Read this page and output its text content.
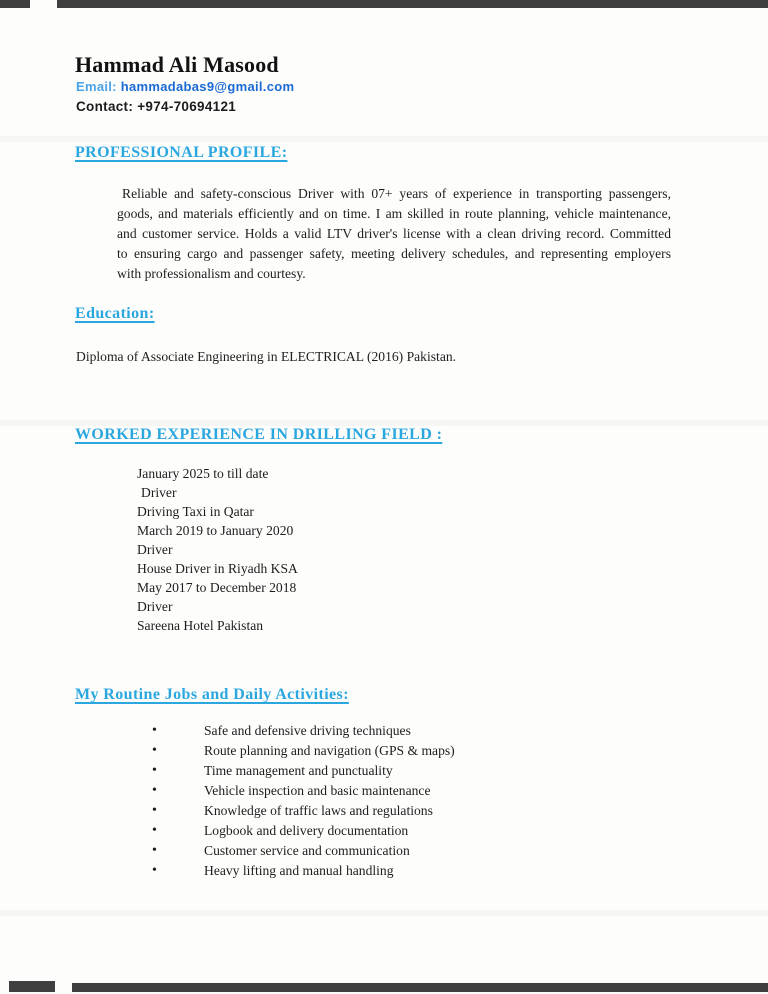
Hammad Ali Masood
Email: hammadabas9@gmail.com
Contact: +974-70694121
PROFESSIONAL PROFILE:
Reliable and safety-conscious Driver with 07+ years of experience in transporting passengers,
goods, and materials efficiently and on time. I am skilled in route planning, vehicle maintenance,
and customer service. Holds a valid LTV driver's license with a clean driving record. Committed
to ensuring cargo and passenger safety, meeting delivery schedules, and representing employers
with professionalism and courtesy.
Education:
Diploma of Associate Engineering in ELECTRICAL (2016) Pakistan.
WORKED EXPERIENCE IN DRILLING FIELD :
January 2025 to till date
Driver
Driving Taxi in Qatar
March 2019 to January 2020
Driver
House Driver in Riyadh KSA
May 2017 to December 2018
Driver
Sareena Hotel Pakistan
My Routine Jobs and Daily Activities:
•	Safe and defensive driving techniques
•	Route planning and navigation (GPS & maps)
•	Time management and punctuality
•	Vehicle inspection and basic maintenance
•	Knowledge of traffic laws and regulations
•	Logbook and delivery documentation
•	Customer service and communication
•	Heavy lifting and manual handling
